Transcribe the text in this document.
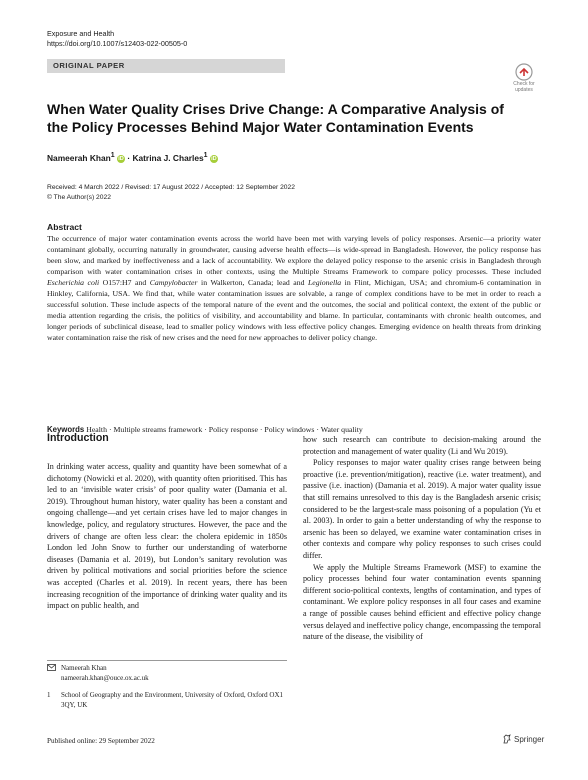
Exposure and Health
https://doi.org/10.1007/s12403-022-00505-0
ORIGINAL PAPER
Check for
updates
When Water Quality Crises Drive Change: A Comparative Analysis of the Policy Processes Behind Major Water Contamination Events
Nameerah Khan$^1$ iD · Katrina J. Charles$^1$ iD
Received: 4 March 2022 / Revised: 17 August 2022 / Accepted: 12 September 2022
© The Author(s) 2022
Abstract
The occurrence of major water contamination events across the world have been met with varying levels of policy responses. Arsenic—a priority water contaminant globally, occurring naturally in groundwater, causing adverse health effects—is wide-spread in Bangladesh. However, the policy response has been slow, and marked by ineffectiveness and a lack of accountability. We explore the delayed policy response to the arsenic crisis in Bangladesh through comparison with water contamination crises in other contexts, using the Multiple Streams Framework to compare policy processes. These included Escherichia coli O157:H7 and Campylobacter in Walkerton, Canada; lead and Legionella in Flint, Michigan, USA; and chromium-6 contamination in Hinkley, California, USA. We find that, while water contamination issues are solvable, a range of complex conditions have to be met in order to reach a successful solution. These include aspects of the temporal nature of the event and the outcomes, the social and political context, the extent of the public or media attention regarding the crisis, the politics of visibility, and accountability and blame. In particular, contaminants with chronic health outcomes, and longer periods of subclinical disease, lead to smaller policy windows with less effective policy changes. Emerging evidence on health threats from drinking water contamination raise the risk of new crises and the need for new approaches to deliver policy change.
Keywords Health · Multiple streams framework · Policy response · Policy windows · Water quality
Introduction

In drinking water access, quality and quantity have been somewhat of a dichotomy (Nowicki et al. 2020), with quantity often prioritised. This has led to an ‘invisible water crisis’ of poor quality water (Damania et al. 2019). Throughout human history, water quality has been a constant and ongoing challenge—and yet certain crises have led to major changes in knowledge, policy, and regulatory structures. However, the pace and the drivers of change are often less clear: the cholera epidemic in 1850s London led John Snow to further our understanding of waterborne diseases (Damania et al. 2019), but London’s sanitary revolution was driven by political motivations and social priorities before the science was accepted (Charles et al. 2019). In recent years, there has been increasing recognition of the importance of drinking water quality and its impact on public health, and

how such research can contribute to decision-making around the protection and management of water quality (Li and Wu 2019).

Policy responses to major water quality crises range between being proactive (i.e. prevention/mitigation), reactive (i.e. water treatment), and passive (i.e. inaction) (Damania et al. 2019). A major water quality issue that still remains unresolved to this day is the Bangladesh arsenic crisis; considered to be the largest-scale mass poisoning of a population (Yu et al. 2003). In order to gain a better understanding of why the response to arsenic has been so delayed, we examine water contamination crises in other contexts and compare why policy responses to such crises could differ.

We apply the Multiple Streams Framework (MSF) to examine the policy processes behind four water contamination events spanning different socio-political contexts, lengths of contamination, and types of contaminant. We explore policy responses in all four cases and examine a range of possible causes behind efficient and effective policy change versus delayed and ineffective policy change, encompassing the temporal nature of the disease, the visibility of

Nameerah Khan
nameerah.khan@ouce.ox.ac.uk
1	School of Geography and the Environment, University of Oxford, Oxford OX1 3QY, UK
Published online: 29 September 2022	Springer
